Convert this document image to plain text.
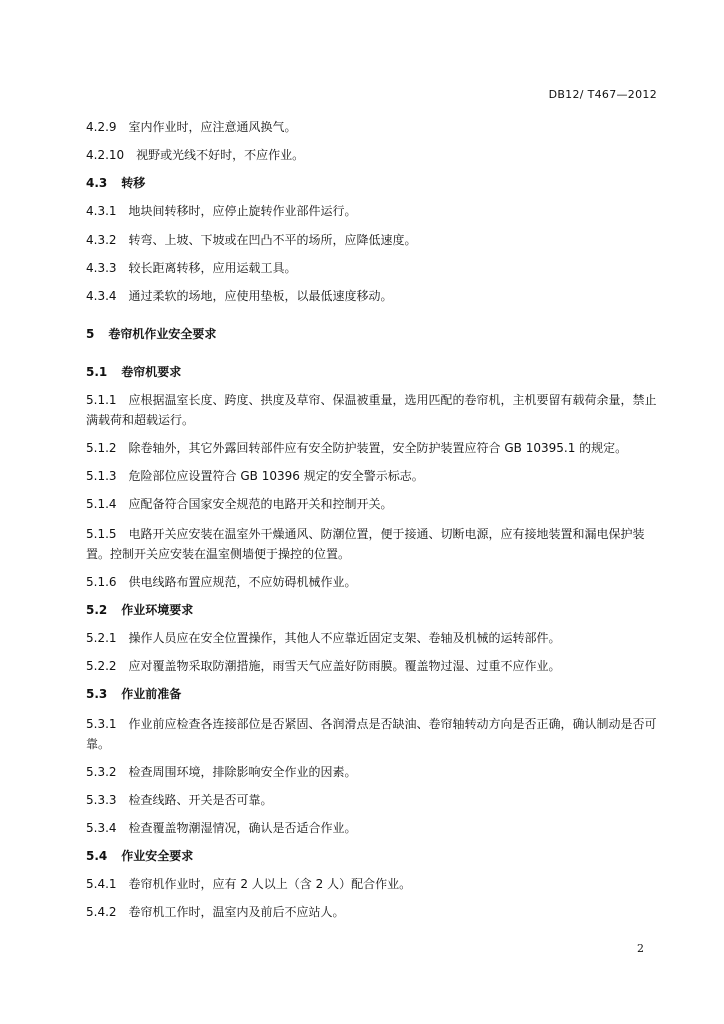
DB12/ T467—2012
4.2.9 室内作业时，应注意通风换气。
4.2.10 视野或光线不好时，不应作业。
4.3 转移
4.3.1 地块间转移时，应停止旋转作业部件运行。
4.3.2 转弯、上坡、下坡或在凹凸不平的场所，应降低速度。
4.3.3 较长距离转移，应用运载工具。
4.3.4 通过柔软的场地，应使用垫板，以最低速度移动。
5 卷帘机作业安全要求
5.1 卷帘机要求
5.1.1 应根据温室长度、跨度、拱度及草帘、保温被重量，选用匹配的卷帘机，主机要留有载荷余量，禁止满载荷和超载运行。
5.1.2 除卷轴外，其它外露回转部件应有安全防护装置，安全防护装置应符合 GB 10395.1 的规定。
5.1.3 危险部位应设置符合 GB 10396 规定的安全警示标志。
5.1.4 应配备符合国家安全规范的电路开关和控制开关。
5.1.5 电路开关应安装在温室外干燥通风、防潮位置，便于接通、切断电源，应有接地装置和漏电保护装置。控制开关应安装在温室侧墙便于操控的位置。
5.1.6 供电线路布置应规范，不应妨碍机械作业。
5.2 作业环境要求
5.2.1 操作人员应在安全位置操作，其他人不应靠近固定支架、卷轴及机械的运转部件。
5.2.2 应对覆盖物采取防潮措施，雨雪天气应盖好防雨膜。覆盖物过湿、过重不应作业。
5.3 作业前准备
5.3.1 作业前应检查各连接部位是否紧固、各润滑点是否缺油、卷帘轴转动方向是否正确，确认制动是否可靠。
5.3.2 检查周围环境，排除影响安全作业的因素。
5.3.3 检查线路、开关是否可靠。
5.3.4 检查覆盖物潮湿情况，确认是否适合作业。
5.4 作业安全要求
5.4.1 卷帘机作业时，应有 2 人以上（含 2 人）配合作业。
5.4.2 卷帘机工作时，温室内及前后不应站人。
2
